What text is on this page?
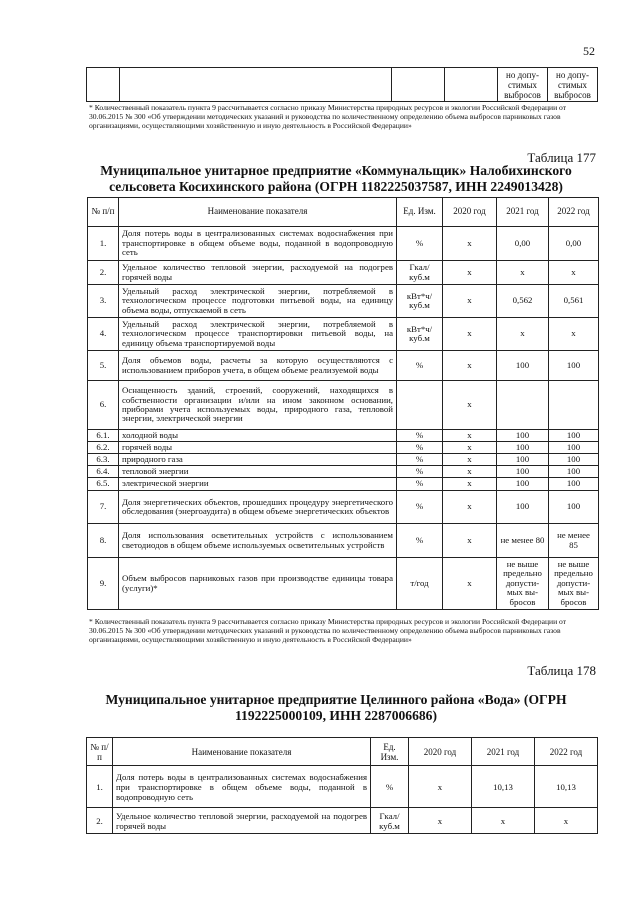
52
				но допу-стимых выбросов	но допу-стимых выбросов
* Количественный показатель пункта 9 рассчитывается согласно приказу Министерства природных ресурсов и экологии Российской Федерации от 30.06.2015 № 300 «Об утверждении методических указаний и руководства по количественному определению объема выбросов парниковых газов организациями, осуществляющими хозяйственную и иную деятельность в Российской Федерации»
Таблица 177
Муниципальное унитарное предприятие «Коммунальщик» Налобихинского сельсовета Косихинского района (ОГРН 1182225037587, ИНН 2249013428)
№ п/п	Наименование показателя	Ед. Изм.	2020 год	2021 год	2022 год
1.	Доля потерь воды в централизованных системах водоснабжения при транспортировке в общем объеме воды, поданной в водопроводную сеть	%	х	0,00	0,00
2.	Удельное количество тепловой энергии, расходуемой на подогрев горячей воды	Гкал/ куб.м	х	х	х
3.	Удельный расход электрической энергии, потребляемой в технологическом процессе подготовки питьевой воды, на единицу объема воды, отпускаемой в сеть	кВт*ч/ куб.м	х	0,562	0,561
4.	Удельный расход электрической энергии, потребляемой в технологическом процессе транспортировки питьевой воды, на единицу объема транспортируемой воды	кВт*ч/ куб.м	х	х	х
5.	Доля объемов воды, расчеты за которую осуществляются с использованием приборов учета, в общем объеме реализуемой воды	%	х	100	100
6.	Оснащенность зданий, строений, сооружений, находящихся в собственности организации и/или на ином законном основании, приборами учета используемых воды, природного газа, тепловой энергии, электрической энергии		х		
6.1.	холодной воды	%	х	100	100
6.2.	горячей воды	%	х	100	100
6.3.	природного газа	%	х	100	100
6.4.	тепловой энергии	%	х	100	100
6.5.	электрической энергии	%	х	100	100
7.	Доля энергетических объектов, прошедших процедуру энергетического обследования (энергоаудита) в общем объеме энергетических объектов	%	х	100	100
8.	Доля использования осветительных устройств с использованием светодиодов в общем объеме используемых осветительных устройств	%	х	не менее 80	не менее 85
9.	Объем выбросов парниковых газов при производстве единицы товара (услуги)*	т/год	х	не выше предельно допусти-мых вы-бросов	не выше предельно допусти-мых вы-бросов
* Количественный показатель пункта 9 рассчитывается согласно приказу Министерства природных ресурсов и экологии Российской Федерации от 30.06.2015 № 300 «Об утверждении методических указаний и руководства по количественному определению объема выбросов парниковых газов организациями, осуществляющими хозяйственную и иную деятельность в Российской Федерации»
Таблица 178
Муниципальное унитарное предприятие Целинного района «Вода» (ОГРН 1192225000109, ИНН 2287006686)
№ п/п	Наименование показателя	Ед. Изм.	2020 год	2021 год	2022 год
1.	Доля потерь воды в централизованных системах водоснабжения при транспортировке в общем объеме воды, поданной в водопроводную сеть	%	х	10,13	10,13
2.	Удельное количество тепловой энергии, расходуемой на подогрев горячей воды	Гкал/ куб.м	х	х	х
